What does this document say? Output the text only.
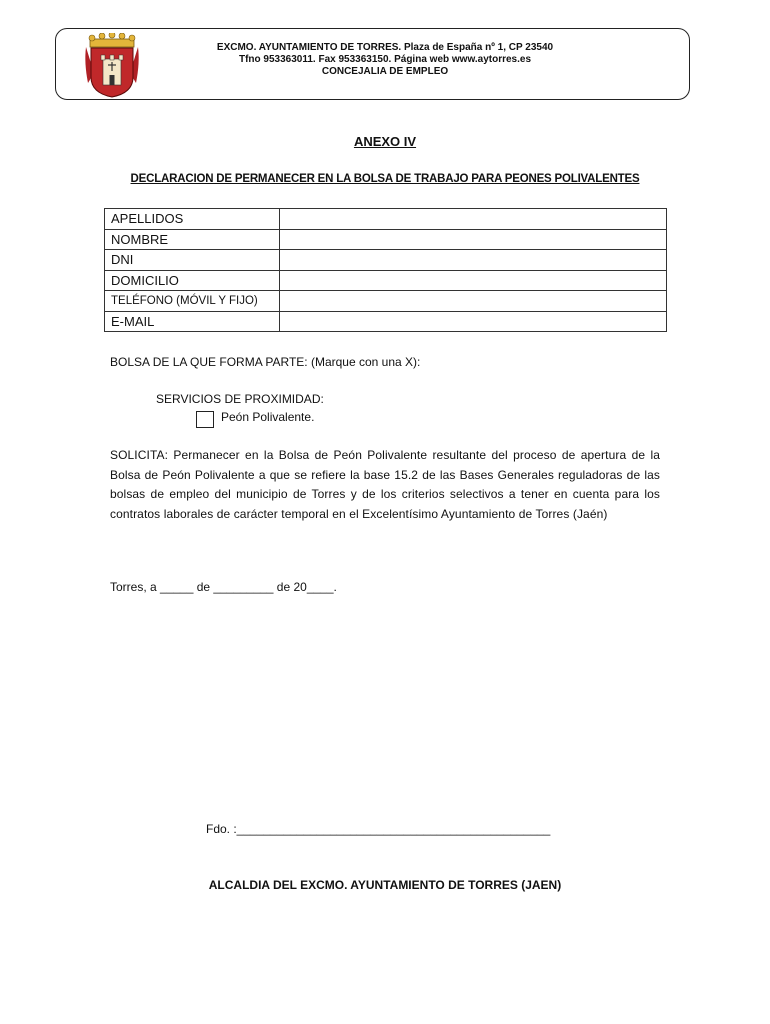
EXCMO. AYUNTAMIENTO DE TORRES. Plaza de España nº 1, CP 23540
Tfno 953363011. Fax 953363150. Página web www.aytorres.es
CONCEJALIA DE EMPLEO
ANEXO IV
DECLARACION DE PERMANECER EN LA BOLSA DE TRABAJO PARA PEONES POLIVALENTES
APELLIDOS	
NOMBRE	
DNI	
DOMICILIO	
TELÉFONO (MÓVIL Y FIJO)	
E-MAIL	
BOLSA DE LA QUE FORMA PARTE: (Marque con una X):
SERVICIOS DE PROXIMIDAD:
Peón Polivalente.
SOLICITA: Permanecer en la Bolsa de Peón Polivalente resultante del proceso de apertura de la Bolsa de Peón Polivalente a que se refiere la base 15.2 de las Bases Generales reguladoras de las bolsas de empleo del municipio de Torres y de los criterios selectivos a tener en cuenta para los contratos laborales de carácter temporal en el Excelentísimo Ayuntamiento de Torres (Jaén)
Torres, a _____ de _________ de 20____.
Fdo. :_______________________________________________
ALCALDIA DEL EXCMO. AYUNTAMIENTO DE TORRES (JAEN)
